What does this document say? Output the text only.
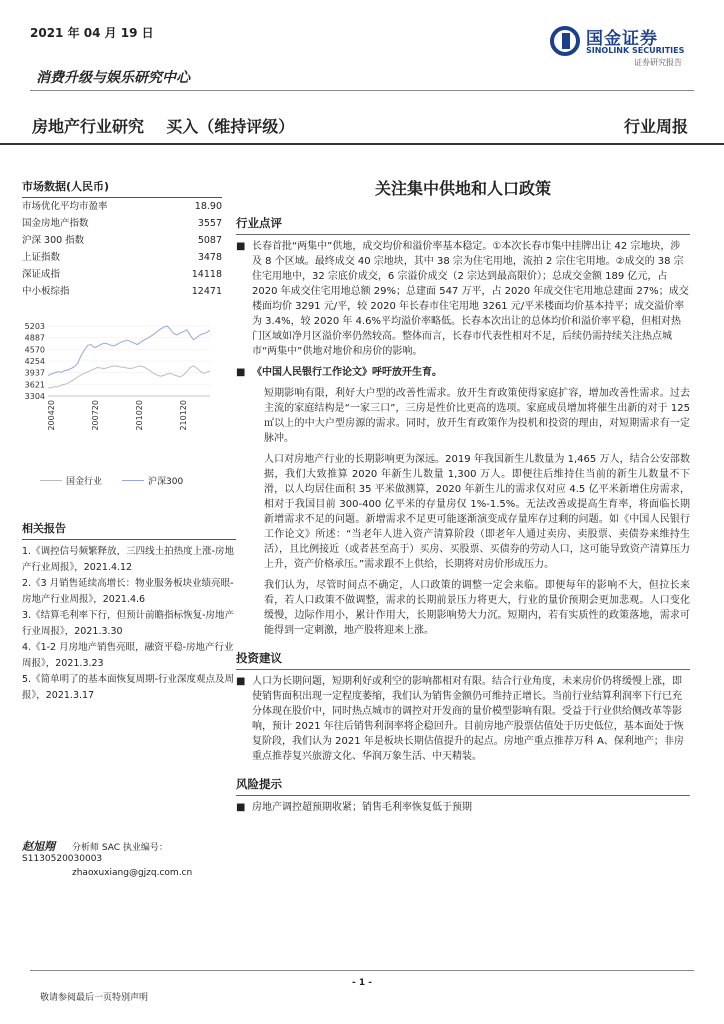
2021 年 04 月 19 日	国金证券
SINOLINK SECURITIES
证券研究报告
消费升级与娱乐研究中心
房地产行业研究    买入（维持评级）	行业周报
市场数据(人民币)
市场优化平均市盈率	18.90
国金房地产指数	3557
沪深 300 指数	5087
上证指数	3478
深证成指	14118
中小板综指	12471
5203
4887
4570
4254
3937
3621
3304
200420	200720	201020	210120
国金行业	沪深300
相关报告
1.《调控信号频繁释放，三四线土拍热度上涨-房地产行业周报》，2021.4.12
2.《3 月销售延续高增长：物业服务板块业绩亮眼-房地产行业周报》，2021.4.6
3.《结算毛利率下行，但预计前瞻指标恢复-房地产行业周报》，2021.3.30
4.《1-2 月房地产销售亮眼，融资平稳-房地产行业周报》，2021.3.23
5.《简单明了的基本面恢复周期-行业深度观点及周报》，2021.3.17
赵旭翔 分析师 SAC 执业编号：S1130520030003
zhaoxuxiang@gjzq.com.cn
关注集中供地和人口政策
行业点评
■ 长春首批“两集中”供地，成交均价和溢价率基本稳定。①本次长春市集中挂牌出让 42 宗地块，涉及 8 个区域。最终成交 40 宗地块，其中 38 宗为住宅用地，流拍 2 宗住宅用地。②成交的 38 宗住宅用地中，32 宗底价成交，6 宗溢价成交（2 宗达到最高限价）；总成交金额 189 亿元，占 2020 年成交住宅用地总额 29%；总建面 547 万平，占 2020 年成交住宅用地总建面 27%；成交楼面均价 3291 元/平，较 2020 年长春市住宅用地 3261 元/平米楼面均价基本持平；成交溢价率为 3.4%，较 2020 年 4.6%平均溢价率略低。长春本次出让的总体均价和溢价率平稳，但相对热门区域如净月区溢价率仍然较高。整体而言，长春市代表性相对不足，后续仍需持续关注热点城市“两集中”供地对地价和房价的影响。
■ 《中国人民银行工作论文》呼吁放开生育。

短期影响有限，利好大户型的改善性需求。放开生育政策使得家庭扩容，增加改善性需求。过去主流的家庭结构是“一家三口”，三房是性价比更高的选项。家庭成员增加将催生出新的对于 125 ㎡以上的中大户型房源的需求。同时，放开生育政策作为投机和投资的理由，对短期需求有一定脉冲。

人口对房地产行业的长期影响更为深远。2019 年我国新生儿数量为 1,465 万人，结合公安部数据，我们大致推算 2020 年新生儿数量 1,300 万人。即便往后维持住当前的新生儿数量不下滑，以人均居住面积 35 平米做测算，2020 年新生儿的需求仅对应 4.5 亿平米新增住房需求，相对于我国目前 300-400 亿平米的存量房仅 1%-1.5%。无法改善或提高生育率，将面临长期新增需求不足的问题。新增需求不足更可能逐渐演变成存量库存过剩的问题。如《中国人民银行工作论文》所述：“当老年人进入资产清算阶段（即老年人通过卖房、卖股票、卖债券来维持生活），且比例接近（或者甚至高于）买房、买股票、买债券的劳动人口，这可能导致资产清算压力上升，资产价格承压。”需求跟不上供给，长期将对房价形成压力。

我们认为，尽管时间点不确定，人口政策的调整一定会来临。即便每年的影响不大，但拉长来看，若人口政策不做调整，需求的长期前景压力将更大，行业的量价预期会更加悲观。人口变化缓慢，边际作用小，累计作用大，长期影响势大力沉。短期内，若有实质性的政策落地，需求可能得到一定刺激，地产股将迎来上涨。

投资建议
■ 人口为长期问题，短期利好或利空的影响都相对有限。结合行业角度，未来房价仍将缓慢上涨，即使销售面积出现一定程度萎缩，我们认为销售金额仍可维持正增长。当前行业结算利润率下行已充分体现在股价中，同时热点城市的调控对开发商的量价模型影响有限。受益于行业供给侧改革等影响，预计 2021 年往后销售利润率将企稳回升。目前房地产股票估值处于历史低位，基本面处于恢复阶段，我们认为 2021 年是板块长期估值提升的起点。房地产重点推荐万科 A、保利地产；非房重点推荐复兴旅游文化、华润万象生活、中天精装。
风险提示
■ 房地产调控超预期收紧；销售毛利率恢复低于预期
- 1 -
敬请参阅最后一页特别声明
